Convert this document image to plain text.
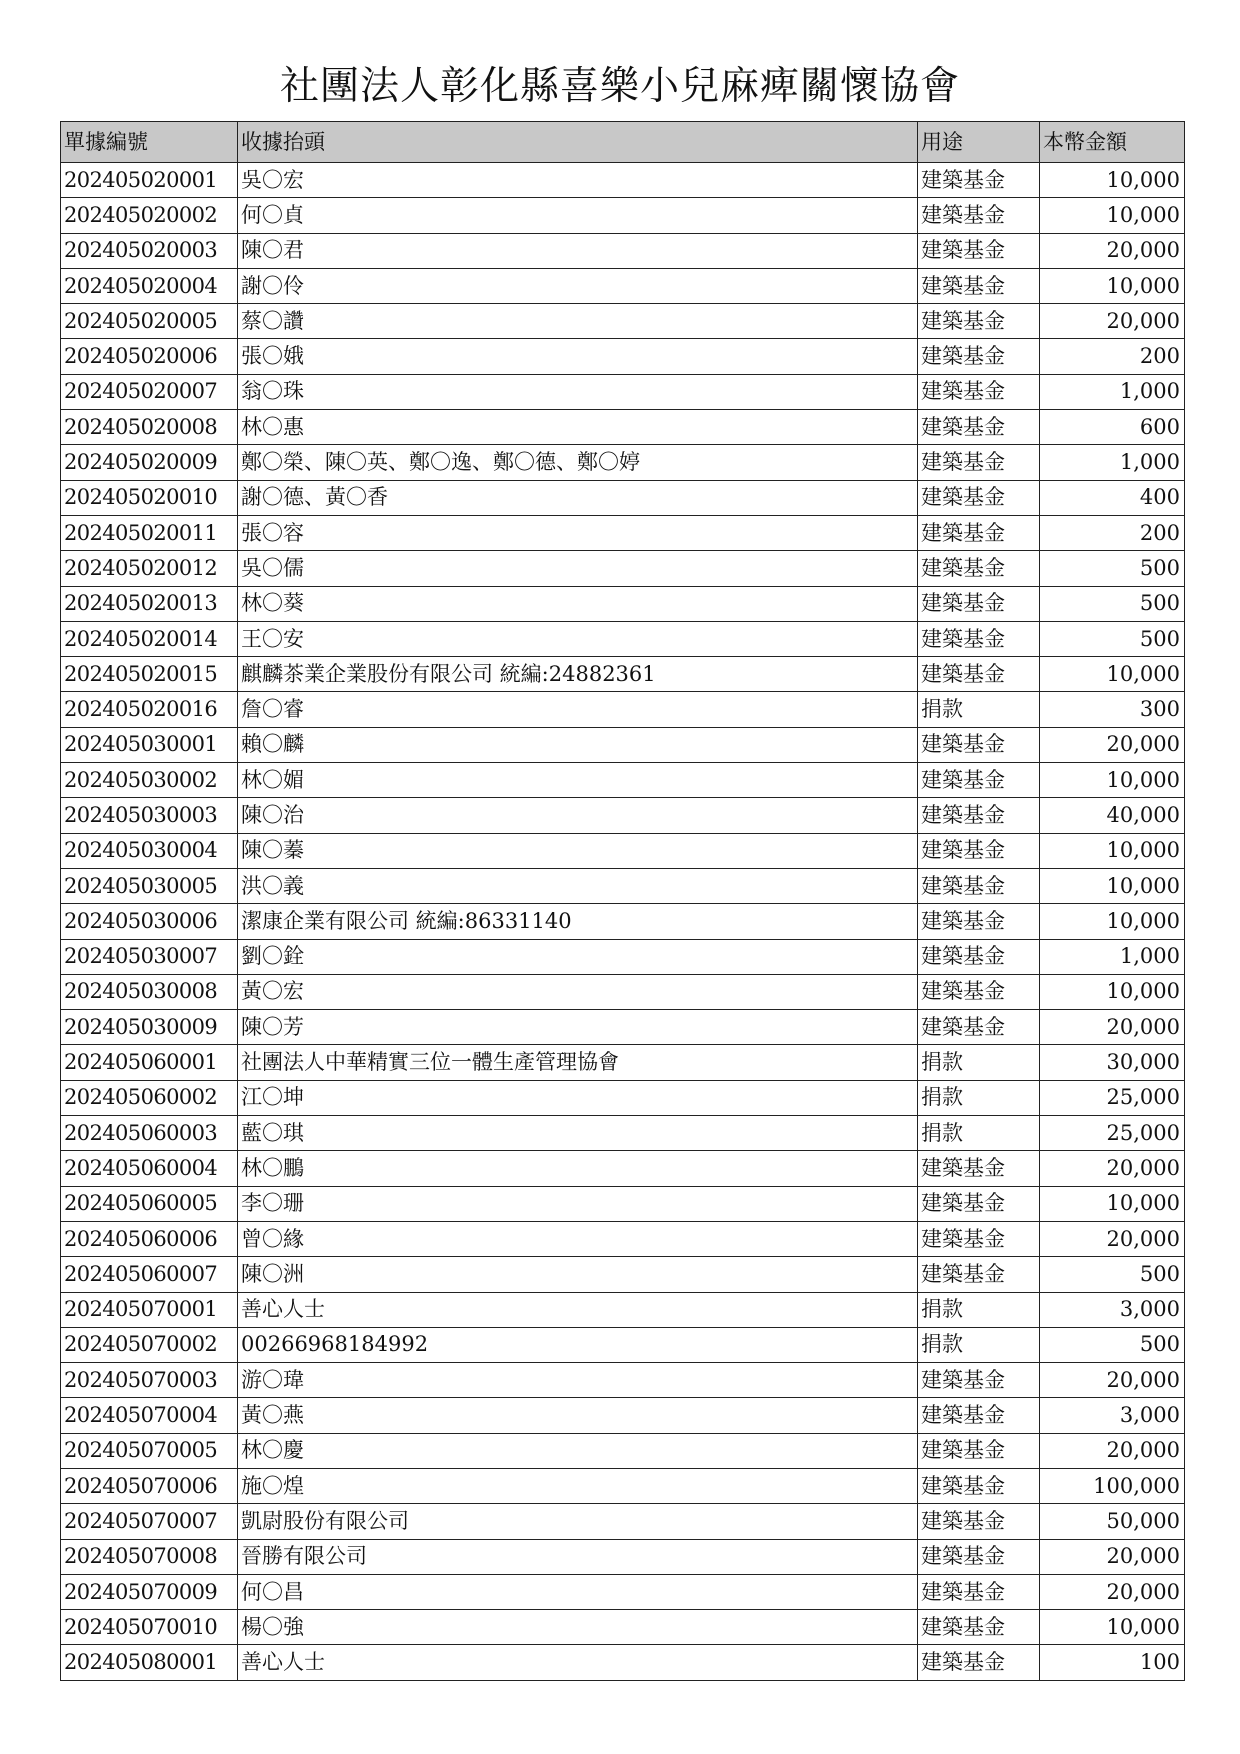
社團法人彰化縣喜樂小兒麻痺關懷協會
單據編號	收據抬頭	用途	本幣金額
202405020001	吳〇宏	建築基金	10,000
202405020002	何〇貞	建築基金	10,000
202405020003	陳〇君	建築基金	20,000
202405020004	謝〇伶	建築基金	10,000
202405020005	蔡〇讚	建築基金	20,000
202405020006	張〇娥	建築基金	200
202405020007	翁〇珠	建築基金	1,000
202405020008	林〇惠	建築基金	600
202405020009	鄭〇榮、陳〇英、鄭〇逸、鄭〇德、鄭〇婷	建築基金	1,000
202405020010	謝〇德、黃〇香	建築基金	400
202405020011	張〇容	建築基金	200
202405020012	吳〇儒	建築基金	500
202405020013	林〇葵	建築基金	500
202405020014	王〇安	建築基金	500
202405020015	麒麟茶業企業股份有限公司 統編:24882361	建築基金	10,000
202405020016	詹〇睿	捐款	300
202405030001	賴〇麟	建築基金	20,000
202405030002	林〇媚	建築基金	10,000
202405030003	陳〇治	建築基金	40,000
202405030004	陳〇蓁	建築基金	10,000
202405030005	洪〇義	建築基金	10,000
202405030006	潔康企業有限公司 統編:86331140	建築基金	10,000
202405030007	劉〇銓	建築基金	1,000
202405030008	黃〇宏	建築基金	10,000
202405030009	陳〇芳	建築基金	20,000
202405060001	社團法人中華精實三位一體生產管理協會	捐款	30,000
202405060002	江〇坤	捐款	25,000
202405060003	藍〇琪	捐款	25,000
202405060004	林〇鵬	建築基金	20,000
202405060005	李〇珊	建築基金	10,000
202405060006	曾〇緣	建築基金	20,000
202405060007	陳〇洲	建築基金	500
202405070001	善心人士	捐款	3,000
202405070002	00266968184992	捐款	500
202405070003	游〇瑋	建築基金	20,000
202405070004	黃〇燕	建築基金	3,000
202405070005	林〇慶	建築基金	20,000
202405070006	施〇煌	建築基金	100,000
202405070007	凱尉股份有限公司	建築基金	50,000
202405070008	晉勝有限公司	建築基金	20,000
202405070009	何〇昌	建築基金	20,000
202405070010	楊〇強	建築基金	10,000
202405080001	善心人士	建築基金	100
